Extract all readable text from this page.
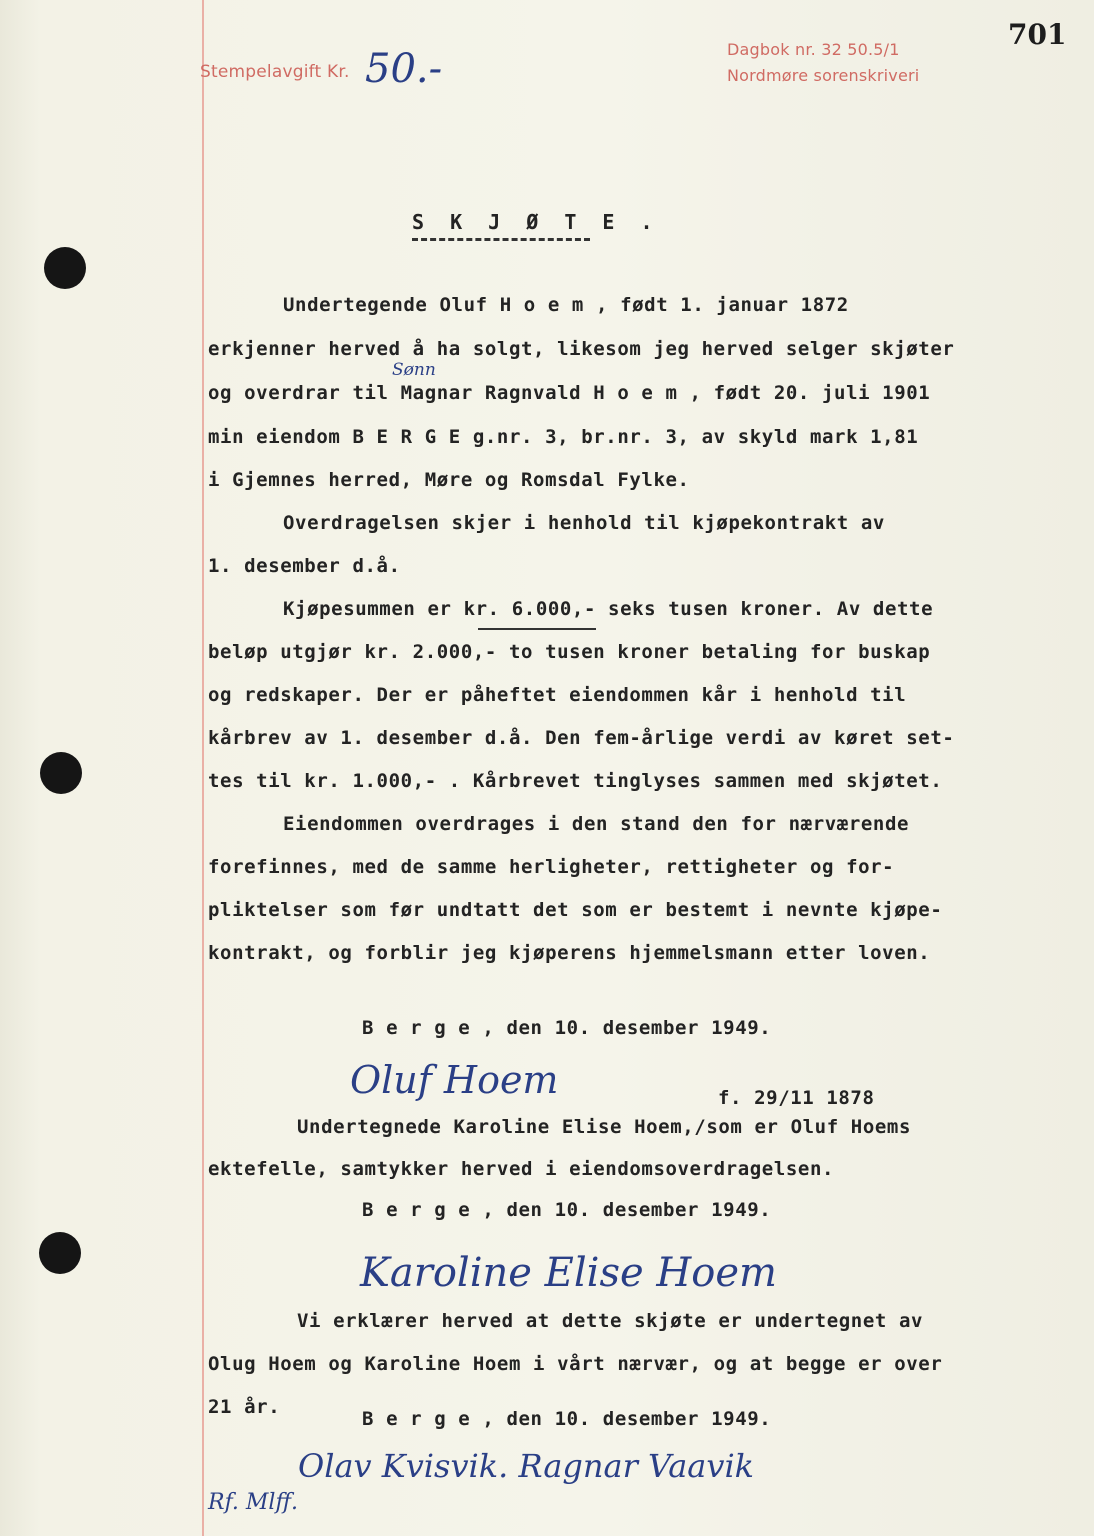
Stempelavgift Kr. 50.-	Dagbok nr. 32 50.5/1
Nordmøre sorenskriveri
701
S K J Ø T E .
Undertegende Oluf H o e m , født 1. januar 1872
erkjenner herved å ha solgt, likesom jeg herved selger skjøter
Sønn
og overdrar til Magnar Ragnvald H o e m , født 20. juli 1901
min eiendom B E R G E g.nr. 3, br.nr. 3, av skyld mark 1,81
i Gjemnes herred, Møre og Romsdal Fylke.
Overdragelsen skjer i henhold til kjøpekontrakt av
1. desember d.å.
Kjøpesummen er kr. 6.000,- seks tusen kroner. Av dette
beløp utgjør kr. 2.000,- to tusen kroner betaling for buskap
og redskaper. Der er påheftet eiendommen kår i henhold til
kårbrev av 1. desember d.å. Den fem-årlige verdi av køret set-
tes til kr. 1.000,- . Kårbrevet tinglyses sammen med skjøtet.
Eiendommen overdrages i den stand den for nærværende
forefinnes, med de samme herligheter, rettigheter og for-
pliktelser som før undtatt det som er bestemt i nevnte kjøpe-
kontrakt, og forblir jeg kjøperens hjemmelsmann etter loven.
B e r g e , den 10. desember 1949.
Oluf Hoem	f. 29/11 1878
Undertegnede Karoline Elise Hoem,/som er Oluf Hoems
ektefelle, samtykker herved i eiendomsoverdragelsen.
B e r g e , den 10. desember 1949.
Karoline Elise Hoem
Vi erklærer herved at dette skjøte er undertegnet av
Olug Hoem og Karoline Hoem i vårt nærvær, og at begge er over
21 år.
B e r g e , den 10. desember 1949.
Olav Kvisvik. Ragnar Vaavik
Rf. Mlff.
